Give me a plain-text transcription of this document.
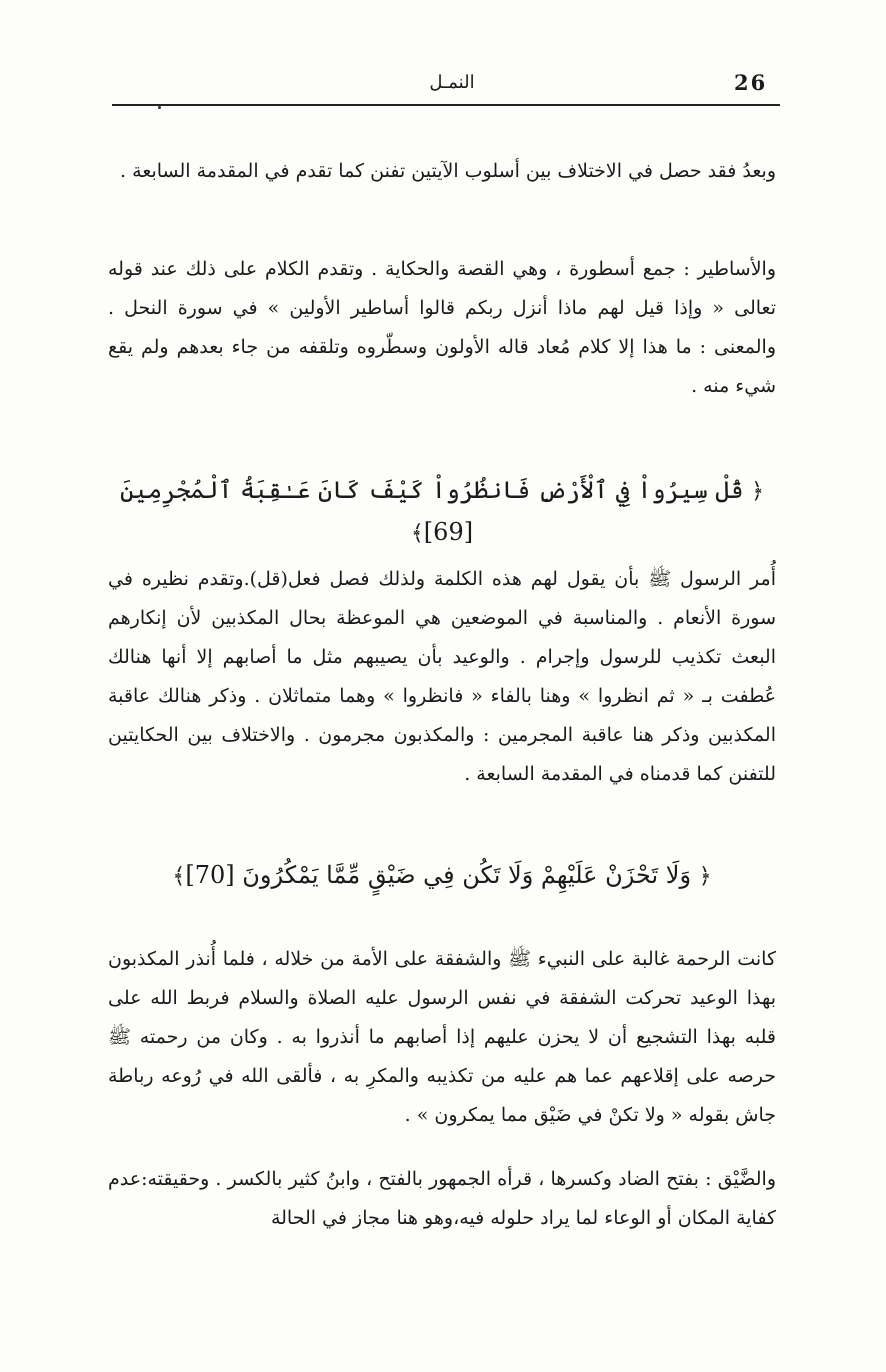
26
النمـل

وبعدُ فقد حصل في الاختلاف بين أسلوب الآيتين تفنن كما تقدم في المقدمة السابعة .

والأساطير : جمع أسطورة ، وهي القصة والحكاية . وتقدم الكلام على ذلك عند قوله تعالى « وإذا قيل لهم ماذا أنزل ربكم قالوا أساطير الأولين » في سورة النحل . والمعنى : ما هذا إلا كلام مُعاد قاله الأولون وسطّروه وتلقفه من جاء بعدهم ولم يقع شيء منه .

﴿ قُلْ سِيرُواْ فِي ٱلْأَرْضِ فَانظُرُواْ كَيْفَ كَانَ عَـٰقِبَةُ ٱلْمُجْرِمِينَ [69]﴾

أُمر الرسول ﷺ بأن يقول لهم هذه الكلمة ولذلك فصل فعل(قل).وتقدم نظيره في سورة الأنعام . والمناسبة في الموضعين هي الموعظة بحال المكذبين لأن إنكارهم البعث تكذيب للرسول وإجرام . والوعيد بأن يصيبهم مثل ما أصابهم إلا أنها هنالك عُطفت بـ « ثم انظروا » وهنا بالفاء « فانظروا » وهما متماثلان . وذكر هنالك عاقبة المكذبين وذكر هنا عاقبة المجرمين : والمكذبون مجرمون . والاختلاف بين الحكايتين للتفنن كما قدمناه في المقدمة السابعة .

﴿ وَلَا تَحْزَنْ عَلَيْهِمْ وَلَا تَكُن فِي ضَيْقٍ مِّمَّا يَمْكُرُونَ [70]﴾

كانت الرحمة غالبة على النبيء ﷺ والشفقة على الأمة من خلاله ، فلما أُنذر المكذبون بهذا الوعيد تحركت الشفقة في نفس الرسول عليه الصلاة والسلام فربط الله على قلبه بهذا التشجيع أن لا يحزن عليهم إذا أصابهم ما أنذروا به . وكان من رحمته ﷺ حرصه على إقلاعهم عما هم عليه من تكذيبه والمكرِ به ، فألقى الله في رُوعه رباطة جاش بقوله « ولا تكنْ في ضَيْق مما يمكرون » .

والضَّيْق : بفتح الضاد وكسرها ، قرأه الجمهور بالفتح ، وابنُ كثير بالكسر . وحقيقته:عدم كفاية المكان أو الوعاء لما يراد حلوله فيه،وهو هنا مجاز في الحالة
